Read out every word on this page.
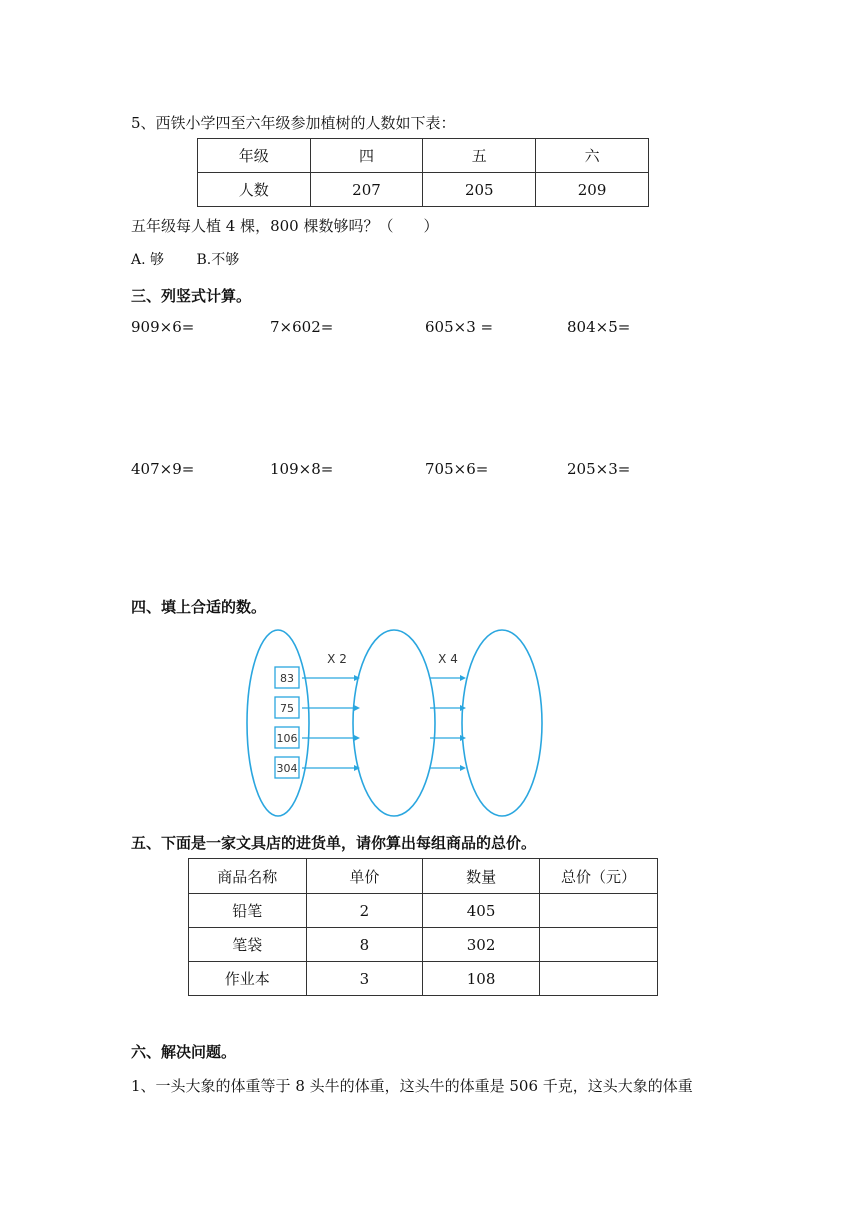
5、西铁小学四至六年级参加植树的人数如下表：
年级	四	五	六
人数	207	205	209
五年级每人植 4 棵，800 棵数够吗？（　　）
A. 够　　 B.不够
三、列竖式计算。
909×6=	7×602=	605×3 =	804×5=
407×9=	109×8=	705×6=	205×3=
四、填上合适的数。
83
75
106
304
X 2	X 4
五、下面是一家文具店的进货单，请你算出每组商品的总价。
商品名称	单价	数量	总价（元）
铅笔	2	405	
笔袋	8	302	
作业本	3	108	
六、解决问题。
1、一头大象的体重等于 8 头牛的体重，这头牛的体重是 506 千克，这头大象的体重
